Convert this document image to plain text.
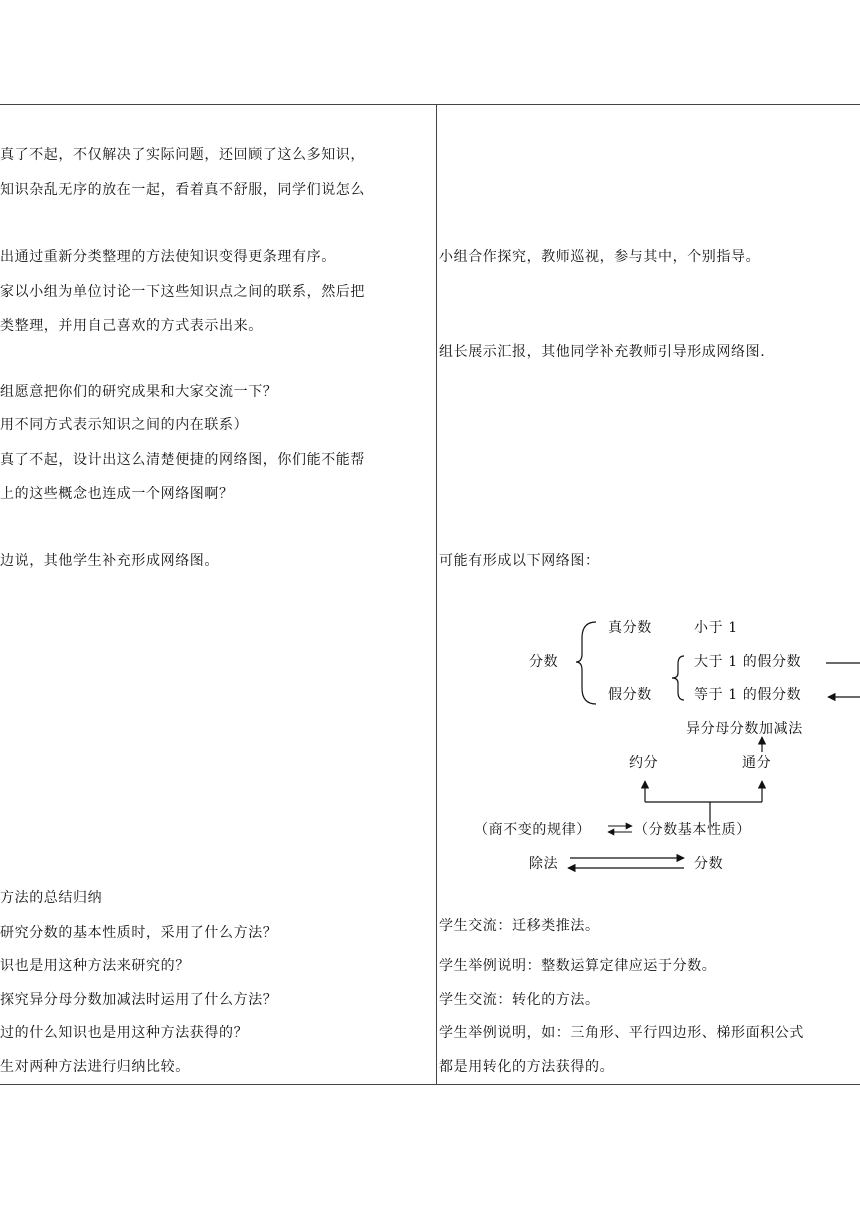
真了不起，不仅解决了实际问题，还回顾了这么多知识，
知识杂乱无序的放在一起，看着真不舒服，同学们说怎么
出通过重新分类整理的方法使知识变得更条理有序。
家以小组为单位讨论一下这些知识点之间的联系，然后把
类整理，并用自己喜欢的方式表示出来。
组愿意把你们的研究成果和大家交流一下？
用不同方式表示知识之间的内在联系）
真了不起，设计出这么清楚便捷的网络图，你们能不能帮
上的这些概念也连成一个网络图啊？
边说，其他学生补充形成网络图。
方法的总结归纳
研究分数的基本性质时，采用了什么方法？
识也是用这种方法来研究的？
探究异分母分数加减法时运用了什么方法？
过的什么知识也是用这种方法获得的？
生对两种方法进行归纳比较。
小组合作探究，教师巡视，参与其中，个别指导。
组长展示汇报，其他同学补充教师引导形成网络图.
可能有形成以下网络图：
学生交流：迁移类推法。
学生举例说明：整数运算定律应运于分数。
学生交流：转化的方法。
学生举例说明，如：三角形、平行四边形、梯形面积公式
都是用转化的方法获得的。
分数
真分数
假分数
小于 1
大于 1 的假分数
等于 1 的假分数
异分母分数加减法
约分	通分
（商不变的规律）	（分数基本性质）
除法	分数
